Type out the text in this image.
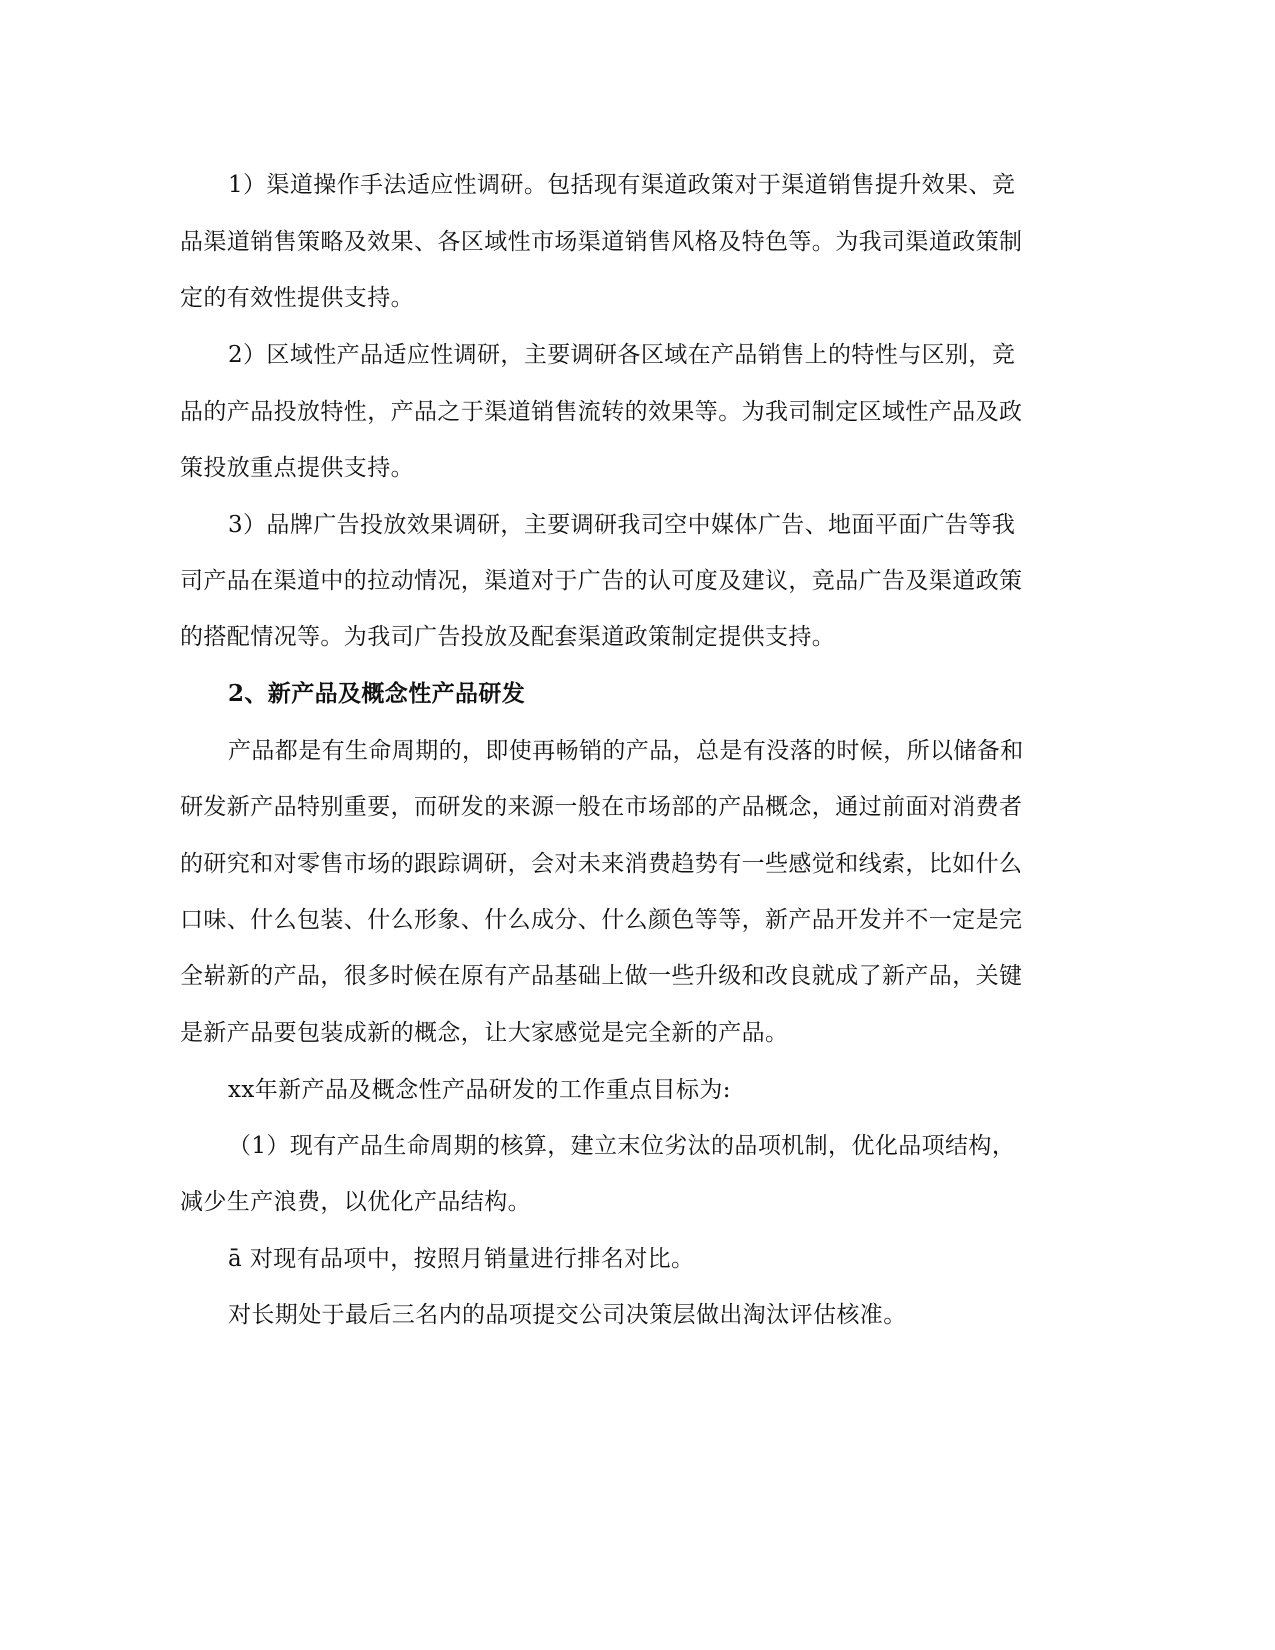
1）渠道操作手法适应性调研。包括现有渠道政策对于渠道销售提升效果、竞
品渠道销售策略及效果、各区域性市场渠道销售风格及特色等。为我司渠道政策制
定的有效性提供支持。
2）区域性产品适应性调研，主要调研各区域在产品销售上的特性与区别，竞
品的产品投放特性，产品之于渠道销售流转的效果等。为我司制定区域性产品及政
策投放重点提供支持。
3）品牌广告投放效果调研，主要调研我司空中媒体广告、地面平面广告等我
司产品在渠道中的拉动情况，渠道对于广告的认可度及建议，竞品广告及渠道政策
的搭配情况等。为我司广告投放及配套渠道政策制定提供支持。
2、新产品及概念性产品研发
产品都是有生命周期的，即使再畅销的产品，总是有没落的时候，所以储备和
研发新产品特别重要，而研发的来源一般在市场部的产品概念，通过前面对消费者
的研究和对零售市场的跟踪调研，会对未来消费趋势有一些感觉和线索，比如什么
口味、什么包装、什么形象、什么成分、什么颜色等等，新产品开发并不一定是完
全崭新的产品，很多时候在原有产品基础上做一些升级和改良就成了新产品，关键
是新产品要包装成新的概念，让大家感觉是完全新的产品。
xx年新产品及概念性产品研发的工作重点目标为:
（1）现有产品生命周期的核算，建立末位劣汰的品项机制，优化品项结构，
减少生产浪费，以优化产品结构。
ā 对现有品项中，按照月销量进行排名对比。
对长期处于最后三名内的品项提交公司决策层做出淘汰评估核准。
